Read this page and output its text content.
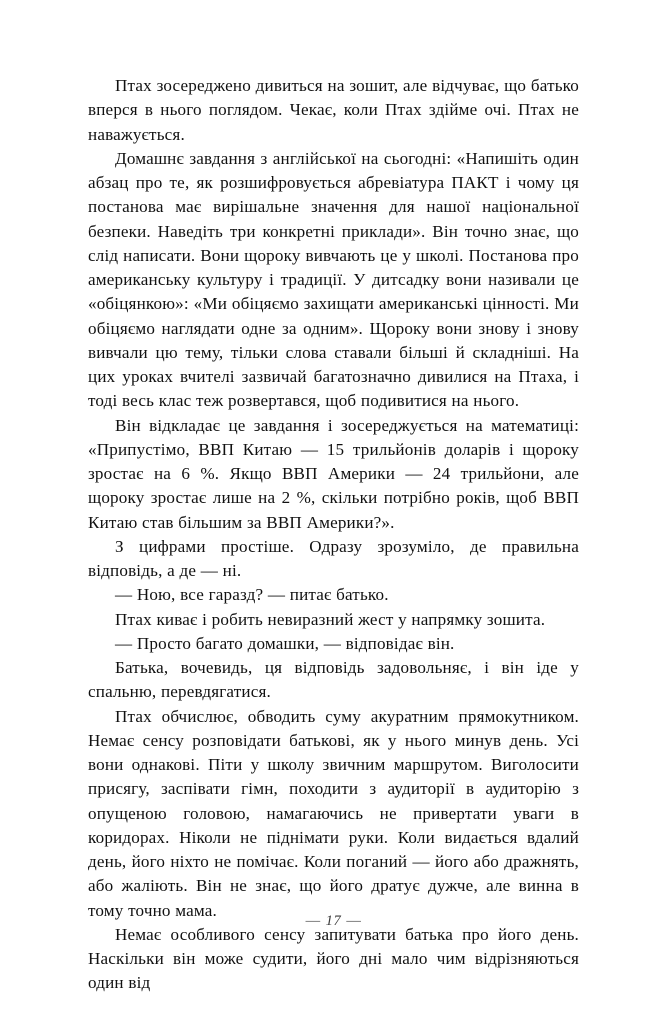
Птах зосереджено дивиться на зошит, але відчуває, що батько вперся в нього поглядом. Чекає, коли Птах здійме очі. Птах не наважується.

Домашнє завдання з англійської на сьогодні: «Напишіть один абзац про те, як розшифровується абревіатура ПАКТ і чому ця постанова має вирішальне значення для нашої національної безпеки. Наведіть три конкретні приклади». Він точно знає, що слід написати. Вони щороку вивчають це у школі. Постанова про американську культуру і традиції. У дитсадку вони називали це «обіцянкою»: «Ми обіцяємо захищати американські цінності. Ми обіцяємо наглядати одне за одним». Щороку вони знову і знову вивчали цю тему, тільки слова ставали більші й складніші. На цих уроках вчителі зазвичай багатозначно дивилися на Птаха, і тоді весь клас теж розвертався, щоб подивитися на нього.

Він відкладає це завдання і зосереджується на математиці: «Припустімо, ВВП Китаю — 15 трильйонів доларів і щороку зростає на 6 %. Якщо ВВП Америки — 24 трильйони, але щороку зростає лише на 2 %, скільки потрібно років, щоб ВВП Китаю став більшим за ВВП Америки?».

З цифрами простіше. Одразу зрозуміло, де правильна відповідь, а де — ні.

— Ною, все гаразд? — питає батько.

Птах киває і робить невиразний жест у напрямку зошита.

— Просто багато домашки, — відповідає він.

Батька, вочевидь, ця відповідь задовольняє, і він іде у спальню, перевдягатися.

Птах обчислює, обводить суму акуратним прямокутником. Немає сенсу розповідати батькові, як у нього минув день. Усі вони однакові. Піти у школу звичним маршрутом. Виголосити присягу, заспівати гімн, походити з аудиторії в аудиторію з опущеною головою, намагаючись не привертати уваги в коридорах. Ніколи не піднімати руки. Коли видається вдалий день, його ніхто не помічає. Коли поганий — його або дражнять, або жаліють. Він не знає, що його дратує дужче, але винна в тому точно мама.

Немає особливого сенсу запитувати батька про його день. Наскільки він може судити, його дні мало чим відрізняються один від

— 17 —
